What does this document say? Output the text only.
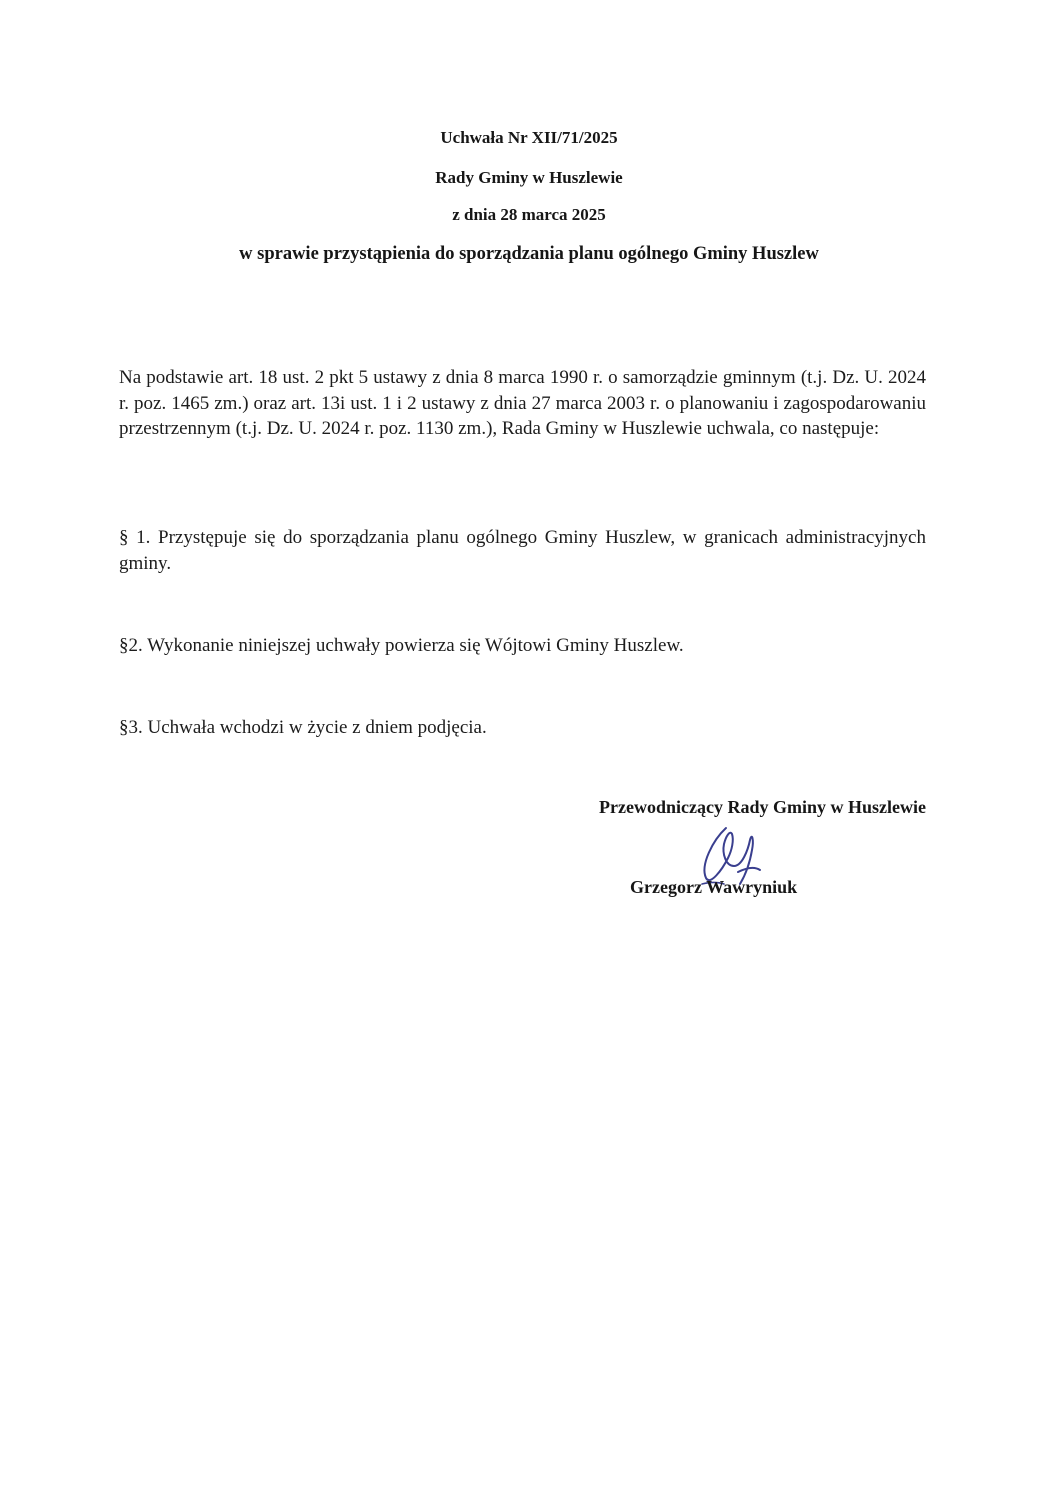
Uchwała Nr XII/71/2025
Rady Gminy w Huszlewie
z dnia 28 marca 2025
w sprawie przystąpienia do sporządzania planu ogólnego Gminy Huszlew
Na podstawie art. 18 ust. 2 pkt 5 ustawy z dnia 8 marca 1990 r. o samorządzie gminnym (t.j. Dz. U. 2024 r. poz. 1465 zm.) oraz art. 13i ust. 1 i 2 ustawy z dnia 27 marca 2003 r. o planowaniu i zagospodarowaniu przestrzennym (t.j. Dz. U. 2024 r. poz. 1130 zm.), Rada Gminy w Huszlewie uchwala, co następuje:
§ 1. Przystępuje się do sporządzania planu ogólnego Gminy Huszlew, w granicach administracyjnych gminy.
§2. Wykonanie niniejszej uchwały powierza się Wójtowi Gminy Huszlew.
§3. Uchwała wchodzi w życie z dniem podjęcia.
Przewodniczący Rady Gminy w Huszlewie
Grzegorz Wawryniuk
